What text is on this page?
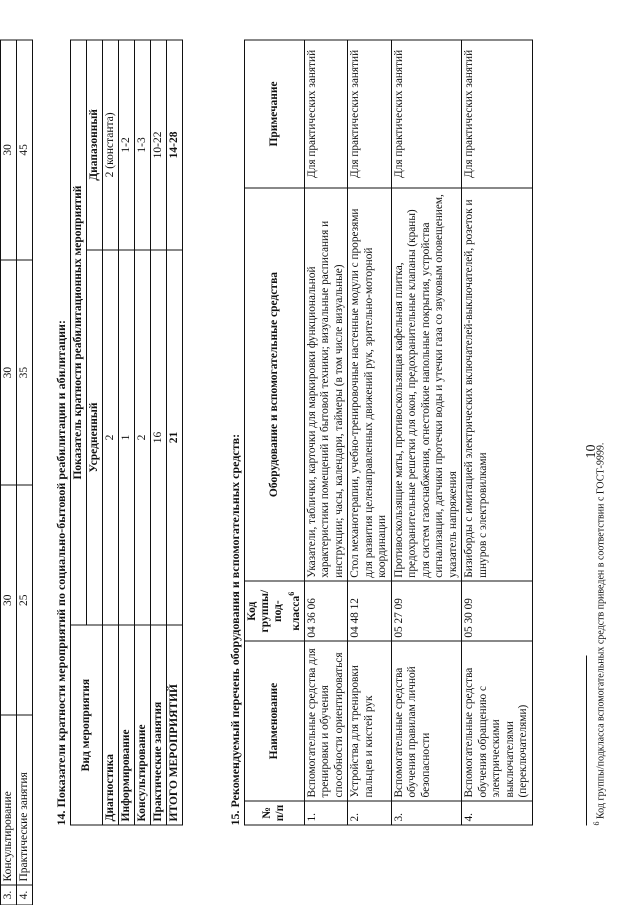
10
3.	Консультирование	30	30	30
4.	Практические занятия	25	35	45
14. Показатели кратности мероприятий по социально-бытовой реабилитации и абилитации: Вид мероприятия	Показатель кратности реабилитационных мероприятий	
	Усредненный	Диапазонный
Диагностика	2	2 (константа)
Информирование	1	1-2
Консультирование	2	1-3
Практические занятия	16	10-22
ИТОГО МЕРОПРИЯТИЙ	21	14-28
15. Рекомендуемый перечень оборудования и вспомогательных средств: № п/п	Наименование	Код группы/под-класса$^6$	Оборудование и вспомогательные средства	Примечание
1.	Вспомогательные средства для тренировки и обучения способности ориентироваться	04 36 06	Указатели, таблички, карточки для маркировки функциональной характеристики помещений и бытовой техники; визуальные расписания и инструкции; часы, календари, таймеры (в том числе визуальные)	Для практических занятий
2.	Устройства для тренировки пальцев и кистей рук	04 48 12	Стол механотерапии, учебно-тренировочные настенные модули с прорезями для развития целенаправленных движений рук, зрительно-моторной координации	Для практических занятий
3.	Вспомогательные средства обучения правилам личной безопасности	05 27 09	Противоскользящие маты, противоскользящая кафельная плитка, предохранительные решетки для окон, предохранительные клапаны (краны) для систем газоснабжения, огнестойкие напольные покрытия, устройства сигнализации, датчики протечки воды и утечки газа со звуковым оповещением, указатель напряжения	Для практических занятий
4.	Вспомогательные средства обучения обращению с электрическими выключателями (переключателями)	05 30 09	Бизиборды с имитацией электрических включателей-выключателей, розеток и шнуров с электровилками	Для практических занятий
$^6$ Код группы/подкласса вспомогательных средств приведен в соответствии с ГОСТ-9999.
